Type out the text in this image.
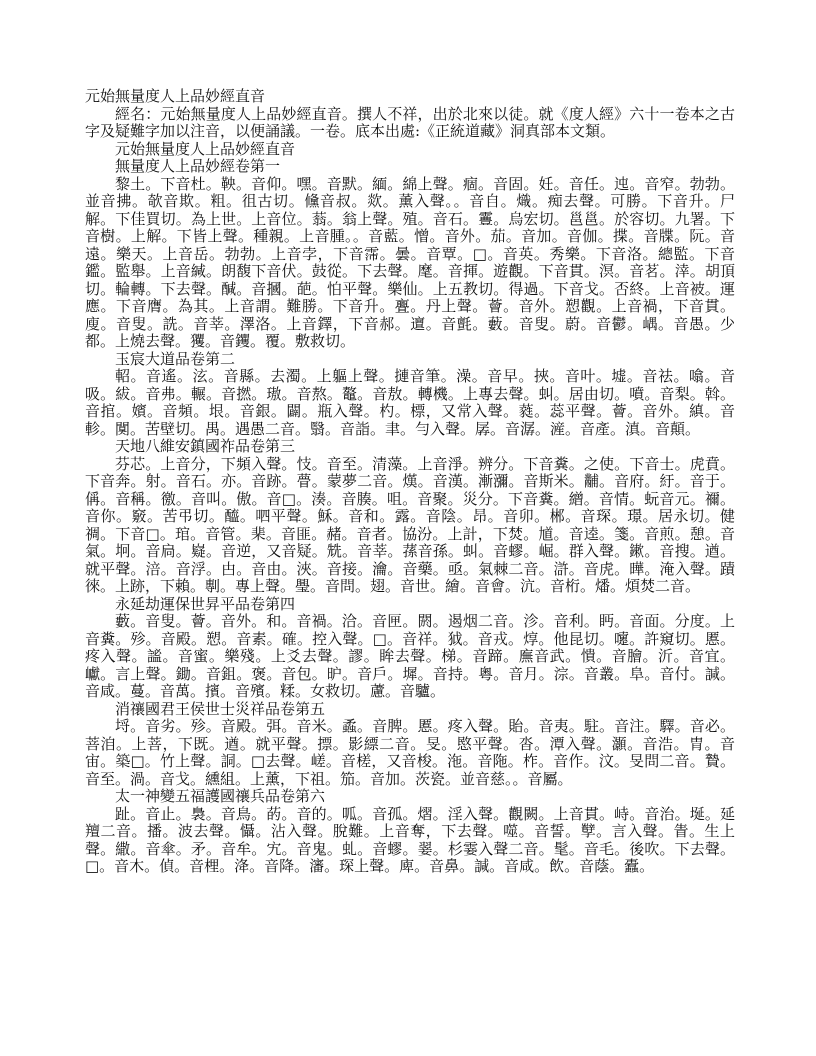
元始無量度人上品妙經直音

經名：元始無量度人上品妙經直音。撰人不祥，出於北來以徒。就《度人經》六十一卷本之古字及疑難字加以注音，以便誦議。一卷。底本出處:《正統道藏》洞真部本文類。

元始無量度人上品妙經直音

無量度人上品妙經卷第一

黎土。下音杜。鞅。音仰。嘿。音默。緬。綿上聲。痼。音固。妊。音任。迍。音窄。勃勃。並音拂。欹音欺。粗。徂古切。儵音叔。欻。薰入聲。。音自。熾。痴去聲。可勝。下音升。尸解。下佳買切。為上世。上音位。蓊。翁上聲。殖。音石。霻。烏宏切。邕邕。於容切。九署。下音樹。上解。下皆上聲。種親。上音腫。。音藍。憎。音外。茄。音加。音伽。揲。音牒。阮。音遠。樂天。上音岳。勃勃。上音孛，下音霈。曇。音覃。□。音英。秀樂。下音洛。總監。下音鑑。監舉。上音緘。朗馥下音伏。鼓從。下去聲。麾。音揮。遊觀。下音貫。溟。音茗。涬。胡頂切。輪轉。下去聲。醎。音摑。葩。怕平聲。樂仙。上五教切。得過。下音戈。否終。上音被。運應。下音膺。為其。上音謂。難勝。下音升。亹。丹上聲。薈。音外。愬觀。上音禍，下音貫。廋。音叟。詵。音莘。澤洛。上音鐸，下音郝。邅。音氈。藪。音叟。蔚。音鬱。嵎。音愚。少都。上燒去聲。玃。音钁。覆。敷救切。

玉宸大道品卷第二

軺。音遙。泫。音縣。去濁。上軀上聲。摙音筆。澡。音早。挾。音叶。墟。音祛。噏。音吸。紱。音弗。輾。音撚。璈。音熬。鼇。音敖。轉機。上專去聲。虯。居由切。噴。音梨。斡。音捾。嬪。音頻。垠。音銀。闢。瓶入聲。杓。標，又常入聲。蕤。蕊平聲。薈。音外。縝。音軫。闃。苦壁切。禺。遇愚二音。翳。音詣。聿。勻入聲。孱。音潺。滻。音產。滇。音顛。

天地八維安鎮國祚品卷第三

芬芯。上音分，下頻入聲。忮。音至。清藻。上音淨。辨分。下音糞。之使。下音士。虎賁。下音奔。射。音石。亦。音跡。瞢。蒙夢二音。熯。音漢。漸瀰。音斯米。黼。音府。紆。音于。偁。音稱。徼。音叫。傲。音□。湊。音腠。咀。音聚。災分。下音糞。繒。音情。蚖音元。禰。音你。竅。苦弔切。醯。呬平聲。穌。音和。露。音陰。昂。音卯。郴。音琛。璟。居永切。健禂。下音□。琯。音管。棐。音匪。赭。音者。協汾。上計，下焚。馗。音逵。箋。音煎。憩。音氣。坰。音扃。嶷。音逆，又音疑。兟。音莘。蓀音孫。虯。音蟉。崛。群入聲。鏉。音搜。遒。就平聲。涪。音浮。甴。音由。浹。音接。瀹。音藥。亟。氣棘二音。滸。音虎。曄。淹入聲。蹟徠。上跡，下賴。剸。專上聲。璺。音問。翅。音世。繪。音會。沆。音桁。燔。煩焚二音。

永延劫運保世昇平品卷第四

藪。音叟。薈。音外。和。音禍。洽。音匣。閼。遏烟二音。沴。音利。眄。音面。分度。上音糞。殄。音殿。愬。音素。確。控入聲。□。音祥。狘。音戎。焞。他昆切。嚔。許窺切。慝。疼入聲。謐。音蜜。樂殘。上爻去聲。謬。眸去聲。梯。音蹄。廡音武。憒。音膾。沂。音宜。巘。言上聲。鋤。音鉏。褒。音包。昈。音戶。墀。音持。粵。音月。淙。音叢。阜。音付。諴。音咸。蔓。音萬。擯。音殯。糅。女救切。藘。音驢。

消禳國君王侯世士災祥品卷第五

埒。音劣。殄。音殿。弭。音米。蟊。音脾。慝。疼入聲。貽。音夷。駐。音注。驛。音必。菩洎。上菩，下既。遒。就平聲。摽。影縹二音。旻。愍平聲。沓。潭入聲。灝。音浩。胄。音宙。築□。竹上聲。詷。□去聲。嵯。音槎，又音梭。沲。音陁。柞。音作。汶。旻問二音。贄。音至。渦。音戈。纁組。上薰，下祖。笳。音加。茨瓷。並音慈。。音屬。

太一神變五福護國禳兵品卷第六

趾。音止。裊。音鳥。菂。音的。呱。音孤。熠。淫入聲。觀闕。上音貫。峙。音治。埏。延羶二音。播。波去聲。懾。沾入聲。脫難。上音奪，下去聲。噬。音誓。孼。言入聲。眚。生上聲。繖。音傘。矛。音牟。宄。音鬼。虬。音蟉。翣。杉霎入聲二音。髦。音毛。後吹。下去聲。□。音木。偵。音梩。洚。音降。瀋。琛上聲。庳。音鼻。諴。音咸。飲。音蔭。蠹。
